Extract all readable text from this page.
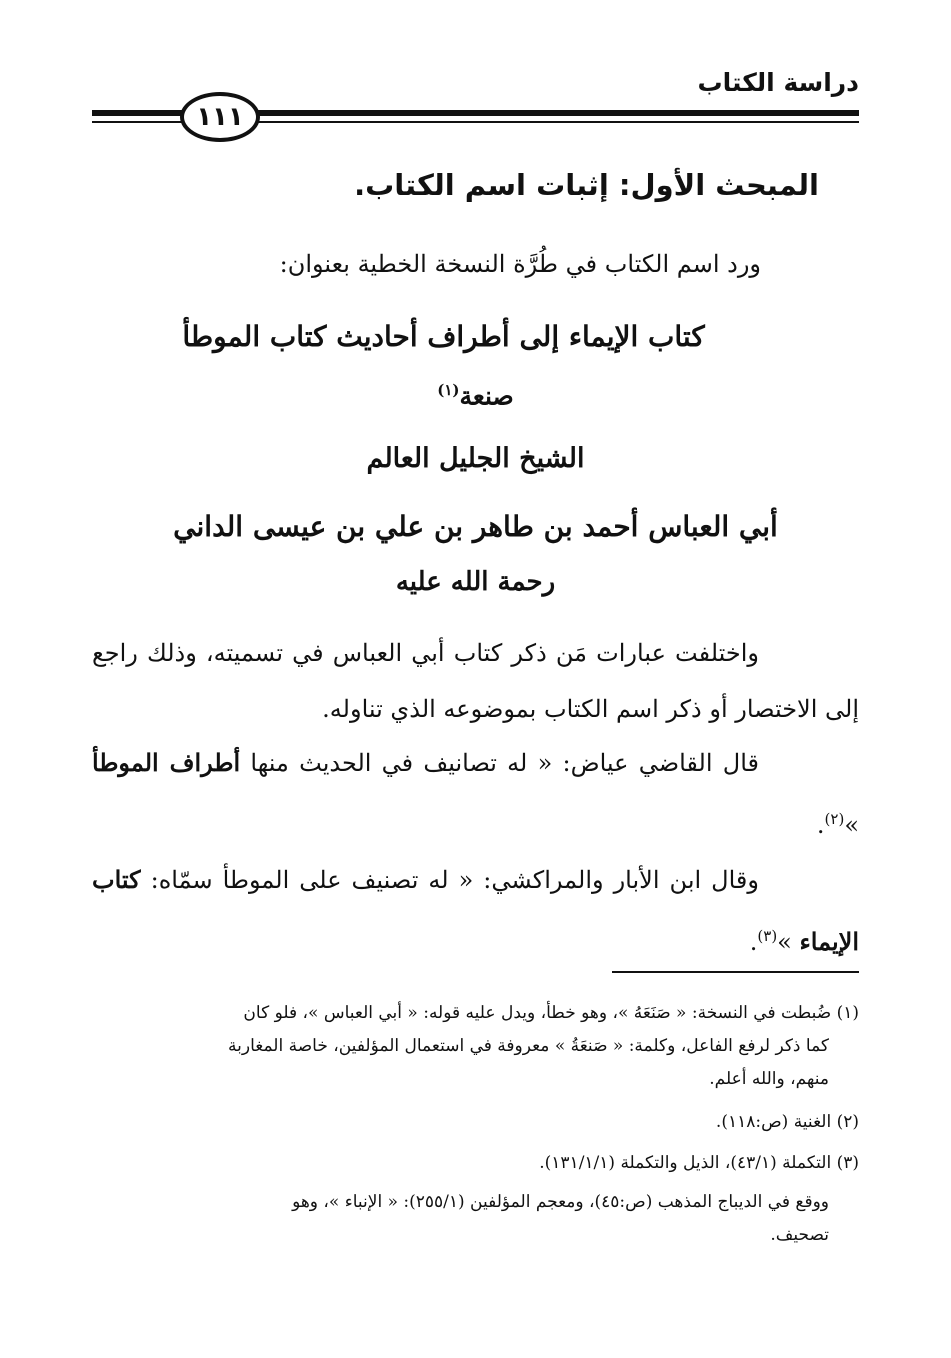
دراسة الكتاب
١١١
المبحث الأول: إثبات اسم الكتاب.
ورد اسم الكتاب في طُرَّة النسخة الخطية بعنوان:
كتاب الإيماء إلى أطراف أحاديث كتاب الموطأ
صنعة$^{(١)}$
الشيخ الجليل العالم
أبي العباس أحمد بن طاهر بن علي بن عيسى الداني
رحمة الله عليه
واختلفت عبارات مَن ذكر كتاب أبي العباس في تسميته، وذلك راجع إلى الاختصار أو ذكر اسم الكتاب بموضوعه الذي تناوله.
قال القاضي عياض: « له تصانيف في الحديث منها أطراف الموطأ »$^{(٢)}$.
وقال ابن الأبار والمراكشي: « له تصنيف على الموطأ سمّاه: كتاب الإيماء »$^{(٣)}$.
(١) ضُبطت في النسخة: « صَنَعَهُ »، وهو خطأ، ويدل عليه قوله: « أبي العباس »، فلو كان
كما ذكر لرفع الفاعل، وكلمة: « صَنعَةُ » معروفة في استعمال المؤلفين، خاصة المغاربة
منهم، والله أعلم.
(٢) الغنية (ص:١١٨).
(٣) التكملة (٤٣/١)، الذيل والتكملة (١٣١/١/١).
ووقع في الديباج المذهب (ص:٤٥)، ومعجم المؤلفين (٢٥٥/١): « الإنباء »، وهو
تصحيف.
